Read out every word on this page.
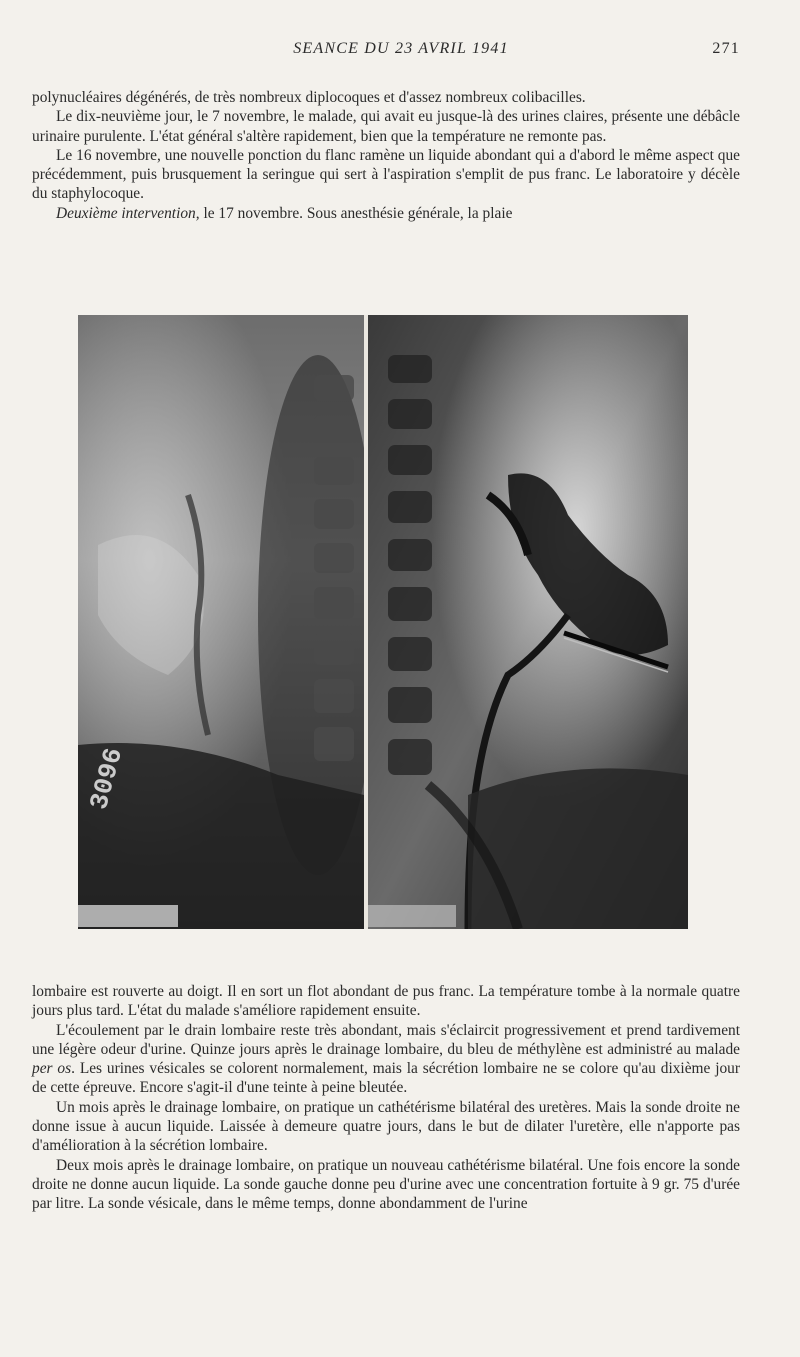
SEANCE DU 23 AVRIL 1941	271

polynucléaires dégénérés, de très nombreux diplocoques et d'assez nombreux colibacilles.

Le dix-neuvième jour, le 7 novembre, le malade, qui avait eu jusque-là des urines claires, présente une débâcle urinaire purulente. L'état général s'altère rapidement, bien que la température ne remonte pas.

Le 16 novembre, une nouvelle ponction du flanc ramène un liquide abondant qui a d'abord le même aspect que précédemment, puis brusquement la seringue qui sert à l'aspiration s'emplit de pus franc. Le laboratoire y décèle du staphylocoque.

Deuxième intervention, le 17 novembre. Sous anesthésie générale, la plaie

3096

lombaire est rouverte au doigt. Il en sort un flot abondant de pus franc. La température tombe à la normale quatre jours plus tard. L'état du malade s'améliore rapidement ensuite.

L'écoulement par le drain lombaire reste très abondant, mais s'éclaircit progressivement et prend tardivement une légère odeur d'urine. Quinze jours après le drainage lombaire, du bleu de méthylène est administré au malade per os. Les urines vésicales se colorent normalement, mais la sécrétion lombaire ne se colore qu'au dixième jour de cette épreuve. Encore s'agit-il d'une teinte à peine bleutée.

Un mois après le drainage lombaire, on pratique un cathétérisme bilatéral des uretères. Mais la sonde droite ne donne issue à aucun liquide. Laissée à demeure quatre jours, dans le but de dilater l'uretère, elle n'apporte pas d'amélioration à la sécrétion lombaire.

Deux mois après le drainage lombaire, on pratique un nouveau cathétérisme bilatéral. Une fois encore la sonde droite ne donne aucun liquide. La sonde gauche donne peu d'urine avec une concentration fortuite à 9 gr. 75 d'urée par litre. La sonde vésicale, dans le même temps, donne abondamment de l'urine
